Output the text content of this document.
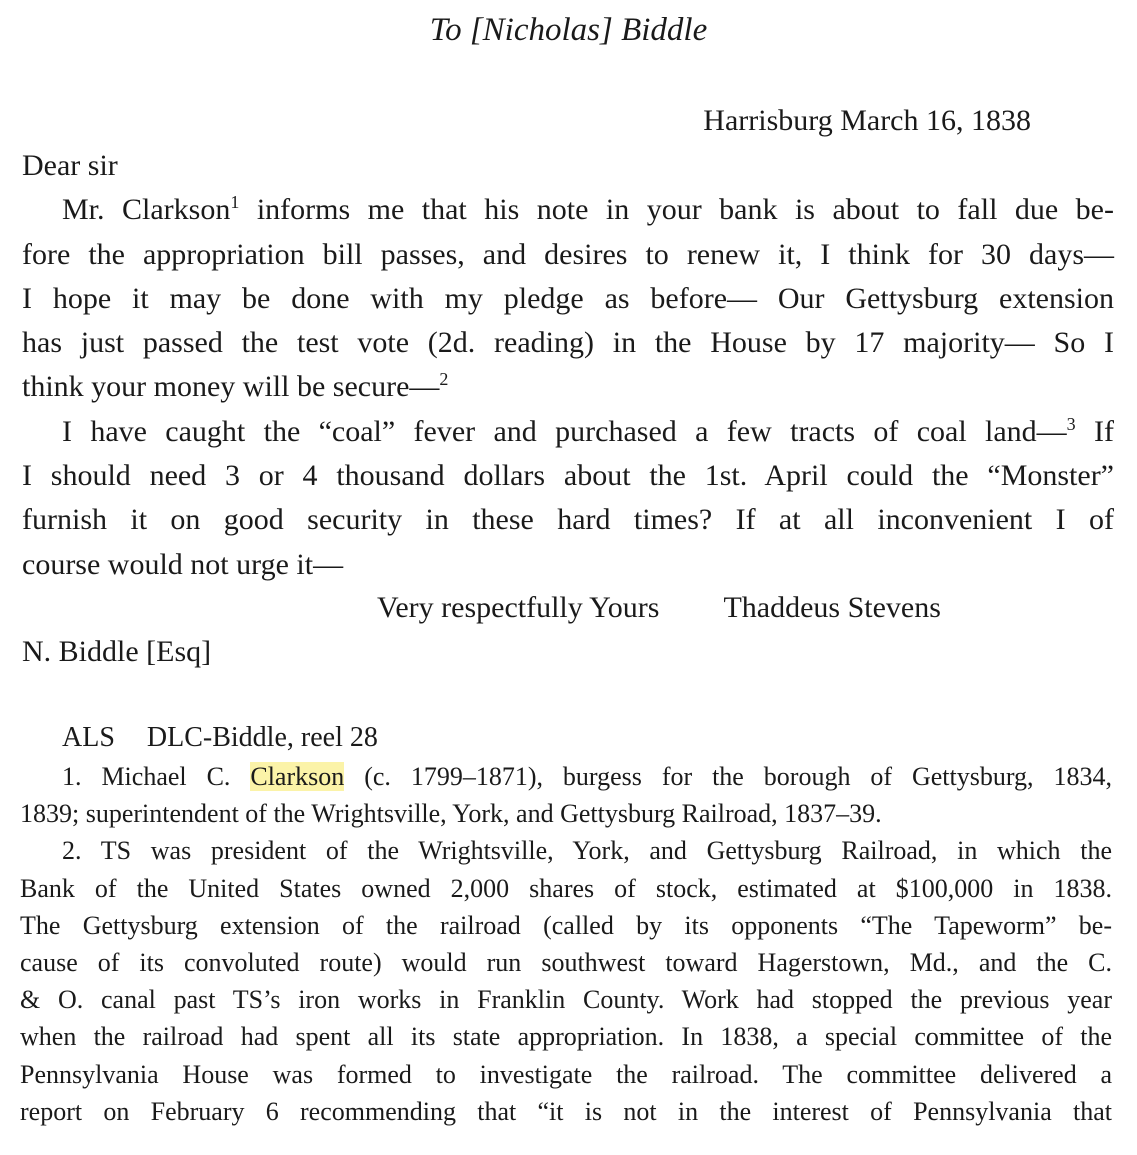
To [Nicholas] Biddle
Harrisburg March 16, 1838
Dear sir
Mr. Clarkson$^1$ informs me that his note in your bank is about to fall due be-
fore the appropriation bill passes, and desires to renew it, I think for 30 days—
I hope it may be done with my pledge as before— Our Gettysburg extension
has just passed the test vote (2d. reading) in the House by 17 majority— So I
think your money will be secure—$^2$
I have caught the “coal” fever and purchased a few tracts of coal land—$^3$ If
I should need 3 or 4 thousand dollars about the 1st. April could the “Monster”
furnish it on good security in these hard times? If at all inconvenient I of
course would not urge it—
Very respectfully Yours Thaddeus Stevens
N. Biddle [Esq]
ALS DLC-Biddle, reel 28
1. Michael C. Clarkson (c. 1799–1871), burgess for the borough of Gettysburg, 1834,
1839; superintendent of the Wrightsville, York, and Gettysburg Railroad, 1837–39.
2. TS was president of the Wrightsville, York, and Gettysburg Railroad, in which the
Bank of the United States owned 2,000 shares of stock, estimated at $100,000 in 1838.
The Gettysburg extension of the railroad (called by its opponents “The Tapeworm” be-
cause of its convoluted route) would run southwest toward Hagerstown, Md., and the C.
& O. canal past TS’s iron works in Franklin County. Work had stopped the previous year
when the railroad had spent all its state appropriation. In 1838, a special committee of the
Pennsylvania House was formed to investigate the railroad. The committee delivered a
report on February 6 recommending that “it is not in the interest of Pennsylvania that
